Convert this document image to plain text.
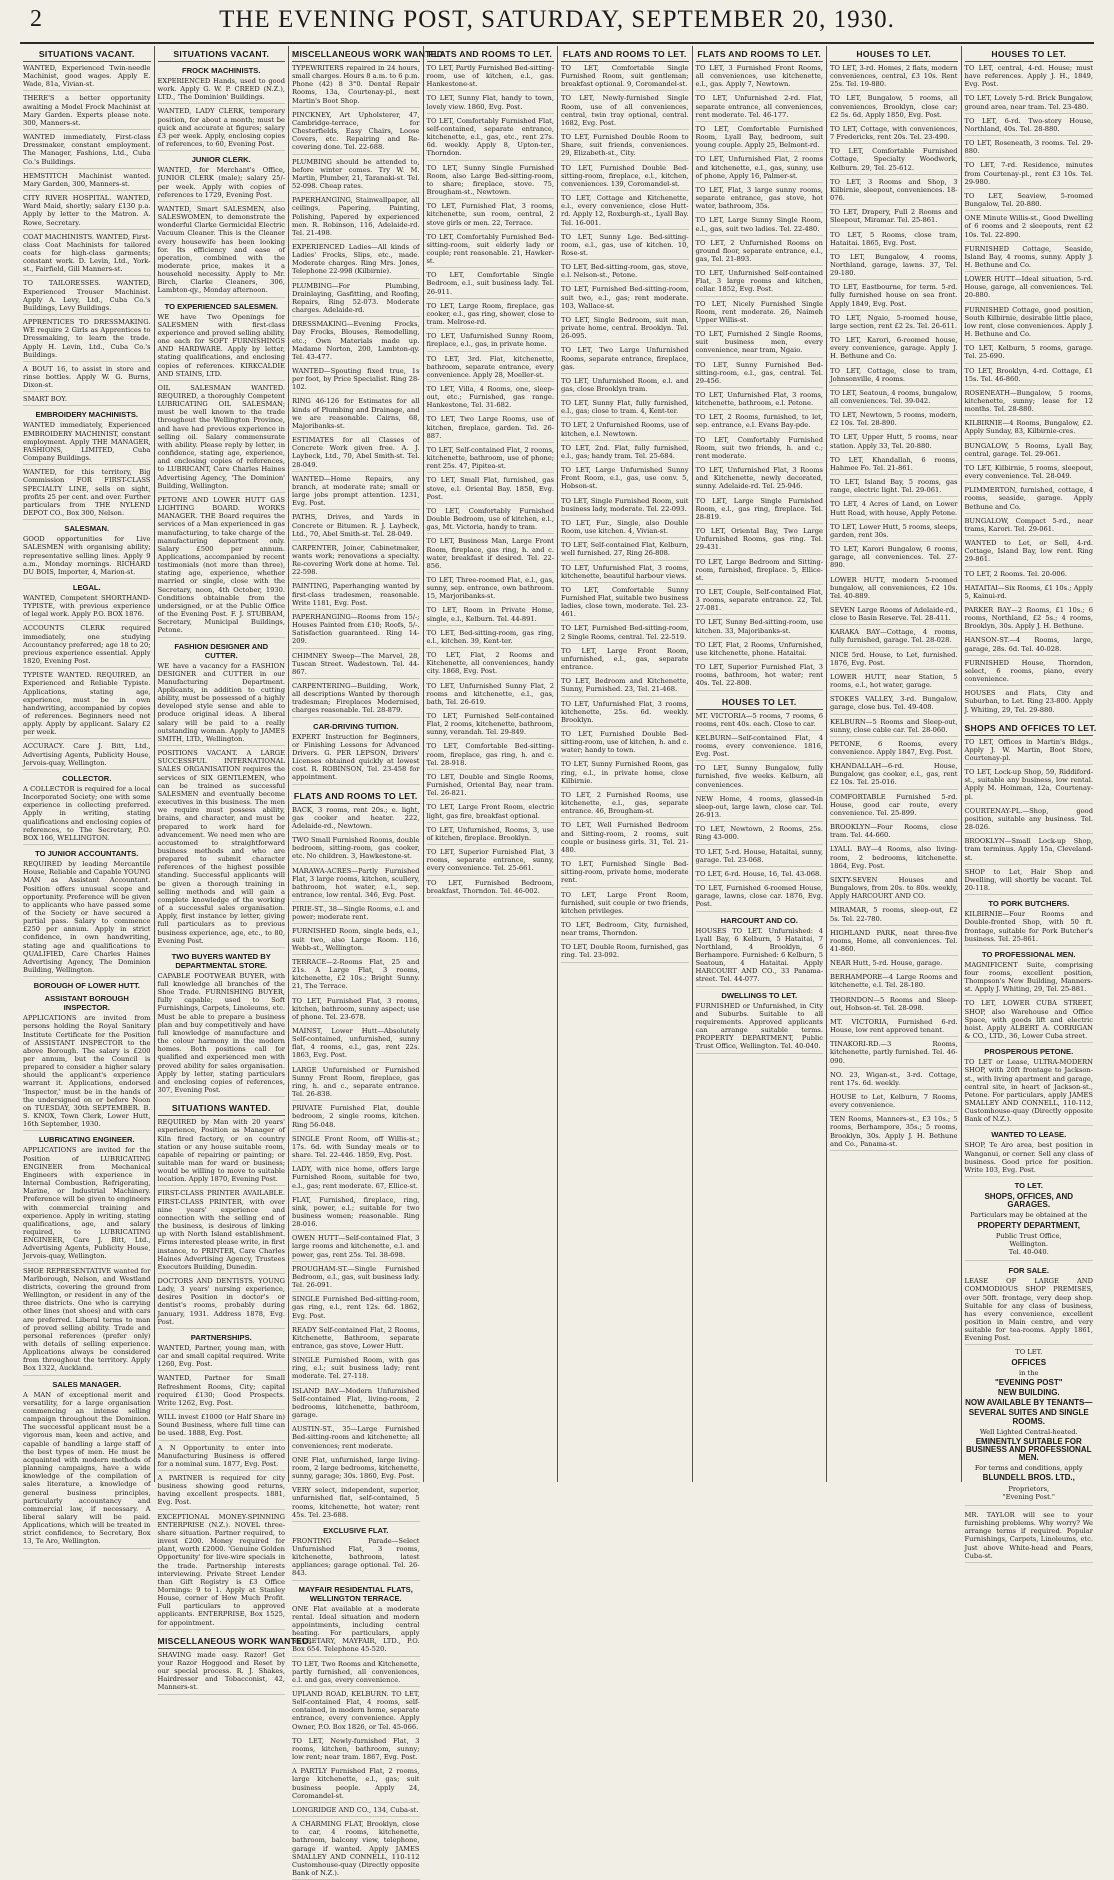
2	THE EVENING POST, SATURDAY, SEPTEMBER 20, 1930.
SITUATIONS VACANT.
WANTED, Experienced Twin-needle Machinist, good wages. Apply E. Wade, 81a, Vivian-st.
THERE'S a better opportunity awaiting a Model Frock Machinist at Mary Garden. Experts please note. 300, Manners-st.
WANTED immediately, First-class Dressmaker, constant employment. The Manager, Fashions, Ltd., Cuba Co.'s Buildings.
HEMSTITCH Machinist wanted. Mary Garden, 300, Manners-st.
CITY RIVER HOSPITAL. WANTED, Ward Maid, shortly; salary £130 p.a. Apply by letter to the Matron. A. Rowe, Secretary.
COAT MACHINISTS. WANTED, First-class Coat Machinists for tailored coats for high-class garments; constant work. D. Levin, Ltd., York-st., Fairfield, Gill Manners-st.
TO TAILORESSES. WANTED, Experienced Trouser Machinist. Apply A. Levy, Ltd., Cuba Co.'s Buildings, Levy Buildings.
APPRENTICES TO DRESSMAKING. WE require 2 Girls as Apprentices to Dressmaking, to learn the trade. Apply H. Levin, Ltd., Cuba Co.'s Buildings.
A BOUT 16, to assist in store and rinse bottles. Apply W. G. Burns, Dixon-st.
SMART BOY.
EMBROIDERY MACHINISTS.
WANTED immediately, Experienced EMBROIDERY MACHINIST, constant employment. Apply THE MANAGER, FASHIONS, LIMITED, Cuba Company Buildings.
WANTED, for this territory, Big Commission FOR FIRST-CLASS SPECIALTY LINE, sells on sight, profits 25 per cent. and over. Further particulars from THE NYLEND DEPOT CO., Box 300, Nelson.
SALESMAN.
GOOD opportunities for Live SALESMEN with organising ability; representative selling lines. Apply 9 a.m., Monday mornings. RICHARD DU BOIS, Importer, 4, Marion-st.
LEGAL.
WANTED, Competent SHORTHAND-TYPISTE, with previous experience of legal work. Apply P.O. BOX 1876.
ACCOUNTS CLERK required immediately, one studying Accountancy preferred; age 18 to 20; previous experience essential. Apply 1820, Evening Post.
TYPISTE WANTED. REQUIRED, an Experienced and Reliable Typiste. Applications, stating age, experience, must be in own handwriting, accompanied by copies of references. Beginners need not apply. Apply by applicant. Salary £2 per week.
ACCURACY. Care J. Bitt, Ltd., Advertising Agents, Publicity House, Jervois-quay, Wellington.
COLLECTOR.
A COLLECTOR is required for a local Incorporated Society; one with some experience in collecting preferred. Apply in writing, stating qualifications and enclosing copies of references, to The Secretary, P.O. BOX 166, WELLINGTON.
TO JUNIOR ACCOUNTANTS.
REQUIRED by leading Mercantile House, Reliable and Capable YOUNG MAN as Assistant Accountant. Position offers unusual scope and opportunity. Preference will be given to applicants who have passed some of the Society or have secured a partial pass. Salary to commence £250 per annum. Apply in strict confidence, in own handwriting, stating age and qualifications to QUALIFIED, Care Charles Haines Advertising Agency, The Dominion Building, Wellington.
BOROUGH OF LOWER HUTT.
ASSISTANT BOROUGH INSPECTOR.
APPLICATIONS are invited from persons holding the Royal Sanitary Institute Certificate for the Position of ASSISTANT INSPECTOR to the above Borough. The salary is £200 per annum, but the Council is prepared to consider a higher salary should the applicant's experience warrant it. Applications, endorsed 'Inspector,' must be in the hands of the undersigned on or before Noon on TUESDAY, 30th SEPTEMBER. B. S. KNOX, Town Clerk, Lower Hutt, 16th September, 1930.
LUBRICATING ENGINEER.
APPLICATIONS are invited for the Position of LUBRICATING ENGINEER from Mechanical Engineers with experience in Internal Combustion, Refrigerating, Marine, or Industrial Machinery. Preference will be given to engineers with commercial training and experience. Apply in writing, stating qualifications, age, and salary required, to LUBRICATING ENGINEER, Care J. Bitt, Ltd., Advertising Agents, Publicity House, Jervois-quay, Wellington.
SHOE REPRESENTATIVE wanted for Marlborough, Nelson, and Westland districts, covering the ground from Wellington, or resident in any of the three districts. One who is carrying other lines (not shoes) and with cars are preferred. Liberal terms to man of proved selling ability. Trade and personal references (prefer only) with details of selling experience. Applications always be considered from throughout the territory. Apply Box 1322, Auckland.
SALES MANAGER.
A MAN of exceptional merit and versatility, for a large organisation commencing an intense selling campaign throughout the Dominion. The successful applicant must be a vigorous man, keen and active, and capable of handling a large staff of the best types of men. He must be acquainted with modern methods of planning campaigns, have a wide knowledge of the compilation of sales literature, a knowledge of general business principles, particularly accountancy and commercial law, if necessary. A liberal salary will be paid. Applications, which will be treated in strict confidence, to Secretary, Box 13, Te Aro, Wellington.
SITUATIONS VACANT.
FROCK MACHINISTS.
EXPERIENCED Hands, used to good work. Apply G. W. P. CREED (N.Z.), LTD., 'The Dominion' Buildings.
WANTED, LADY CLERK, temporary position, for about a month; must be quick and accurate at figures; salary £3 per week. Apply, enclosing copies of references, to 60, Evening Post.
JUNIOR CLERK.
WANTED, for Merchant's Office, JUNIOR CLERK (male); salary 25/- per week. Apply with copies of references to 1729, Evening Post.
WANTED, Smart SALESMEN, also SALESWOMEN, to demonstrate the wonderful Clarke Germicidal Electric Vacuum Cleaner. This is the Cleaner every housewife has been looking for. Its efficiency and ease of operation, combined with the moderate price, makes it a household necessity. Apply to Mr. Birch, Clarke Cleaners, 306, Lambton-qy., Monday afternoon.
TO EXPERIENCED SALESMEN.
WE have Two Openings for SALESMEN with first-class experience and proved selling ability, one each for SOFT FURNISHINGS AND HARDWARE. Apply by letter, stating qualifications, and enclosing copies of references. KIRKCALDIE AND STAINS, LTD.
OIL SALESMAN WANTED. REQUIRED, a thoroughly Competent LUBRICATING OIL SALESMAN; must be well known to the trade throughout the Wellington Province, and have had previous experience in selling oil. Salary commensurate with ability. Please reply by letter, in confidence, stating age, experience, and enclosing copies of references, to LUBRICANT, Care Charles Haines Advertising Agency, 'The Dominion' Building, Wellington.
PETONE AND LOWER HUTT GAS LIGHTING BOARD. WORKS MANAGER. THE Board requires the services of a Man experienced in gas manufacturing, to take charge of the manufacturing department only. Salary £500 per annum. Applications, accompanied by recent testimonials (not more than three), stating age, experience, whether married or single, close with the Secretary, noon, 4th October, 1930. Conditions obtainable from the undersigned, or at the Public Office of the Evening Post. F. J. STUBBAM, Secretary, Municipal Buildings, Petone.
FASHION DESIGNER AND CUTTER.
WE have a vacancy for a FASHION DESIGNER and CUTTER in our Manufacturing Department. Applicants, in addition to cutting ability, must be possessed of a highly developed style sense and able to produce original ideas. A liberal salary will be paid to a really outstanding woman. Apply to JAMES SMITH, LTD., Wellington.
POSITIONS VACANT. A LARGE SUCCESSFUL INTERNATIONAL SALES ORGANISATION requires the services of SIX GENTLEMEN, who can be trained as successful SALESMEN and eventually become executives in this business. The men we require must possess ability, brains, and character, and must be prepared to work hard for advancement. We need men who are accustomed to straightforward business methods and who are prepared to submit character references of the highest possible standing. Successful applicants will be given a thorough training in selling methods and will gain a complete knowledge of the working of a successful sales organisation. Apply, first instance by letter, giving full particulars as to previous business experience, age, etc., to 80, Evening Post.
TWO BUYERS WANTED BY DEPARTMENTAL STORE.
CAPABLE FOOTWEAR BUYER, with full knowledge all branches of the Shoe Trade. FURNISHING BUYER, fully capable; used to Soft Furnishings, Carpets, Linoleums, etc. Must be able to prepare a business plan and buy competitively and have full knowledge of manufacture and the colour harmony in the modern homes. Both positions call for qualified and experienced men with proved ability for sales organisation. Apply by letter, stating particulars and enclosing copies of references, 307, Evening Post.
SITUATIONS WANTED.
REQUIRED by Man with 20 years' experience, Position as Manager of Kiln fired factory, or on country station or any house suitable room, capable of repairing or painting; or suitable man for ward or business; would be willing to move to suitable location. Apply 1870, Evening Post.
FIRST-CLASS PRINTER AVAILABLE. FIRST-CLASS PRINTER, with over nine years' experience and connection with the selling end of the business, is desirous of linking up with North Island establishment. Firms interested please write, in first instance, to PRINTER, Care Charles Haines Advertising Agency, Trustees Executors Building, Dunedin.
DOCTORS AND DENTISTS. YOUNG Lady, 3 years' nursing experience, desires Position in doctor's or dentist's rooms, probably during January, 1931. Address 1878, Evg. Post.
PARTNERSHIPS.
WANTED, Partner, young man, with car and small capital required. Write 1260, Evg. Post.
WANTED, Partner for Small Refreshment Rooms, City; capital required £130; Good Prospects. Write 1262, Evg. Post.
WILL invest £1000 (or Half Share in) Sound Business, where full time can be used. 1888, Evg. Post.
A N Opportunity to enter into Manufacturing Business is offered for a nominal sum. 1877, Evg. Post.
A PARTNER is required for city business showing good returns, having excellent prospects. 1881, Evg. Post.
EXCEPTIONAL MONEY-SPINNING ENTERPRISE (N.Z.). NOVEL three-share situation. Partner required, to invest £200. Money required for plant, worth £2000. 'Genuine Golden Opportunity' for live-wire specials in the trade. Partnership interests interviewing. Private Street Lender than Gift Registry is £3 Office Mornings: 9 to 1. Apply at Stanley House, corner of How Much Profit. Full particulars to approved applicants. ENTERPRISE, Box 1525, for appointment.
MISCELLANEOUS WORK WANTED.
SHAVING made easy. Razor! Get your Razor Hoggood and Reset by our special process. R. J. Shakes, Hairdresser and Tobacconist, 42, Manners-st.
MISCELLANEOUS WORK WANTED.
TYPEWRITERS repaired in 24 hours, small charges. Hours 8 a.m. to 6 p.m. Phone (42) 8 3°0. Dental Repair Rooms, 13a, Courtenay-pl., next Martin's Boot Shop.
PINCKNEY, Art Upholsterer, 47, Cambridge-terrace, for Chesterfields, Easy Chairs, Loose Covers, etc. Repairing and Re-covering done. Tel. 22-688.
PLUMBING should be attended to, before winter comes. Try W. M. Martin, Plumber, 21, Taranaki-st. Tel. 52-098. Cheap rates.
PAPERHANGING, Stainwallpaper, all ceilings, Papering, Painting, Polishing, Papered by experienced men. R. Robinson, 116, Adelaide-rd. Tel. 21-498.
EXPERIENCED Ladies—All kinds of Ladies' Frocks, Slips, etc., made. Moderate charges. Ring Mrs. Jones, Telephone 22-998 (Kilbirnie).
PLUMBING—For Plumbing, Drainlaying, Gasfitting, and Roofing, Repairs, Ring 52-073. Moderate charges. Adelaide-rd.
DRESSMAKING—Evening Frocks, Day Frocks, Blouses, Remodelling, etc.; Own Materials made up. Madame Norton, 200, Lambton-qy. Tel. 43-477.
WANTED—Spouting fixed true, 1s per foot, by Price Specialist. Ring 28-102.
RING 46-126 for Estimates for all kinds of Plumbing and Drainage, and we are reasonable. Cairns, 68, Majoribanks-st.
ESTIMATES for all Classes of Concrete Work given free. A. J. Laybeck, Ltd., 70, Abel Smith-st. Tel. 28-049.
WANTED—Home Repairs, any branch, at moderate rate; small or large jobs prompt attention. 1231, Evg. Post.
PATHS, Drives, and Yards in Concrete or Bitumen. R. J. Laybeck, Ltd., 70, Abel Smith-st. Tel. 28-049.
CARPENTER, Joiner, Cabinetmaker, wants work; renovations a specialty. Re-covering Work done at home. Tel. 22-598.
PAINTING, Paperhanging wanted by first-class tradesmen, reasonable. Write 1181, Evg. Post.
PAPERHANGING—Rooms from 15/-; Houses Painted from £10; Roofs, 5/-. Satisfaction guaranteed. Ring 14-209.
CHIMNEY Sweep—The Marvel, 28, Tuscan Street. Wadestown. Tel. 44-867.
CARPENTERING—Building, Work, all descriptions Wanted by thorough tradesman; Fireplaces Modernised, charges reasonable. Tel. 28-879.
CAR-DRIVING TUITION.
EXPERT Instruction for Beginners, or Finishing Lessons for Advanced Drivers. G. PER LEPSON, Drivers' Licenses obtained quickly at lowest cost. R. ROBINSON, Tel. 23-458 for appointment.
FLATS AND ROOMS TO LET.
BACK, 3 rooms, rent 20s.; e. light, gas cooker and heater. 222, Adelaide-rd., Newtown.
TWO Small Furnished Rooms, double bedroom, sitting-room, gas cooker, etc. No children. 3, Hawkestone-st.
MARAWA-ACRES—Partly Furnished Flat, 3 large rooms, kitchen, scullery, bathroom, hot water, e.l., sep. entrance, low rental. 346, Evg. Post.
PIRIE-ST., 38—Single Rooms, e.l. and power; moderate rent.
FURNISHED Room, single beds, e.l., suit two, also Large Room. 116, Webb-st., Wellington.
TERRACE—2-Rooms Flat, 25 and 21s. A Large Flat, 3 rooms, kitchenette, £2 10s.; Bright Sunny. 21, The Terrace.
TO LET, Furnished Flat, 3 rooms, kitchen, bathroom, sunny aspect; use of phone. Tel. 23-678.
MAINST, Lower Hutt—Absolutely Self-contained, unfurnished, sunny flat, 4 rooms, e.l., gas, rent 22s. 1863, Evg. Post.
LARGE Unfurnished or Furnished Sunny Front Room, fireplace, gas ring, h. and c., separate entrance. Tel. 26-838.
PRIVATE Furnished Flat, double bedroom, 2 single rooms, kitchen. Ring 56-048.
SINGLE Front Room, off Willis-st.; 17s. 6d. with Sunday meals or to share. Tel. 22-446. 1859, Evg. Post.
LADY, with nice home, offers large Furnished Room, suitable for two, e.l., gas; rent moderate. 67, Ellice-st.
FLAT, Furnished, fireplace, ring, sink, power, e.l.; suitable for two business women; reasonable. Ring 28-016.
OWEN HUTT—Self-contained Flat, 3 large rooms and kitchenette, e.l. and power, gas, rent 25s. Tel. 38-698.
PROUGHAM-ST.—Single Furnished Bedroom, e.l., gas, suit business lady. Tel. 26-091.
SINGLE Furnished Bed-sitting-room, gas ring, e.l., rent 12s. 6d. 1862, Evg. Post.
READY Self-contained Flat, 2 Rooms, Kitchenette, Bathroom, separate entrance, gas stove, Lower Hutt.
SINGLE Furnished Room, with gas ring, e.l.; suit business lady; rent moderate. Tel. 27-118.
ISLAND BAY—Modern Unfurnished Self-contained Flat, living-room, 2 bedrooms, kitchenette, bathroom, garage.
AUSTIN-ST., 35—Large Furnished Bed-sitting-room and kitchenette; all conveniences; rent moderate.
ONE Flat, unfurnished, large living-room, 2 large bedrooms, kitchenette, sunny, garage; 30s. 1860, Evg. Post.
VERY select, independent, superior, unfurnished flat, self-contained, 5 rooms, kitchenette, hot water; rent 45s. Tel. 23-688.
EXCLUSIVE FLAT.
FRONTING Parade—Select Unfurnished Flat, 3 rooms, kitchenette, bathroom, latest appliances; garage optional. Tel. 26-843.
MAYFAIR RESIDENTIAL FLATS, WELLINGTON TERRACE.
ONE Flat available at a moderate rental. Ideal situation and modern appointments, including central heating. For particulars, apply SECRETARY, MAYFAIR, LTD., P.O. Box 654. Telephone 45-520.
TO LET, Two Rooms and Kitchenette, partly furnished, all conveniences, e.l. and gas, every convenience.
UPLAND ROAD, KELBURN. TO LET, Self-contained Flat, 4 rooms, self-contained, in modern home, separate entrance, every convenience. Apply Owner, P.O. Box 1826, or Tel. 45-066.
TO LET, Newly-furnished Flat, 3 rooms, kitchen, bathroom, sunny; low rent; near tram. 1867, Evg. Post.
A PARTLY Furnished Flat, 2 rooms, large kitchenette, e.l., gas; suit business people. Apply 24, Coromandel-st.
LONGRIDGE AND CO., 134, Cuba-st.
A CHARMING FLAT, Brooklyn, close to car, 4 rooms, kitchenette, bathroom, balcony view, telephone, garage if wanted. Apply JAMES SMALLEY AND CONNELL, 110-112 Customhouse-quay (Directly opposite Bank of N.Z.).
FLATS AND ROOMS TO LET.
TO LET, Partly Furnished Bed-sitting-room, use of kitchen, e.l., gas. Hankestone-st.
TO LET, Sunny Flat, handy to town, lovely view. 1860, Evg. Post.
TO LET, Comfortably Furnished Flat, self-contained, separate entrance, kitchenette, e.l., gas, etc., rent 27s. 6d. weekly. Apply 8, Upton-ter., Thorndon.
TO LET, Sunny Single Furnished Room, also Large Bed-sitting-room, to share; fireplace, stove. 75, Brougham-st., Newtown.
TO LET, Furnished Flat, 3 rooms, kitchenette, sun room, central, 2 stove girls or men. 22, Terrace.
TO LET, Comfortably Furnished Bed-sitting-room, suit elderly lady or couple; rent reasonable. 21, Hawker-st.
TO LET, Comfortable Single Bedroom, e.l., suit business lady. Tel. 26-911.
TO LET, Large Room, fireplace, gas cooker, e.l., gas ring, shower, close to tram. Melrose-rd.
TO LET, Unfurnished Sunny Room, fireplace, e.l., gas, in private home.
TO LET, 3rd. Flat, kitchenette, bathroom, separate entrance, every convenience. Apply 28, Moeller-st.
TO LET, Villa, 4 Rooms, one, sleep-out, etc.; Furnished, gas range. Hankestone, Tel. 31-682.
TO LET, Two Large Rooms, use of kitchen, fireplace, garden. Tel. 26-887.
TO LET, Self-contained Flat, 2 rooms, kitchenette, bathroom, use of phone; rent 25s. 47, Pipitea-st.
TO LET, Small Flat, furnished, gas stove, e.l. Oriental Bay. 1858, Evg. Post.
TO LET, Comfortably Furnished Double Bedroom, use of kitchen, e.l., gas, Mt. Victoria, handy to tram.
TO LET, Business Man, Large Front Room, fireplace, gas ring, h. and c. water, breakfast if desired. Tel. 22-856.
TO LET, Three-roomed Flat, e.l., gas, sunny, sep. entrance, own bathroom. 15, Marjoribanks-st.
TO LET, Room in Private Home, single, e.l., Kelburn. Tel. 44-891.
TO LET, Bed-sitting-room, gas ring, e.l., kitchen. 39, Kent-ter.
TO LET, Flat, 2 Rooms and Kitchenette, all conveniences, handy city. 1868, Evg. Post.
TO LET, Unfurnished Sunny Flat, 2 rooms and kitchenette, e.l., gas, bath, Tel. 26-619.
TO LET, Furnished Self-contained Flat, 2 rooms, kitchenette, bathroom, sunny, verandah. Tel. 29-849.
TO LET, Comfortable Bed-sitting-room, fireplace, gas ring, h. and c. Tel. 28-918.
TO LET, Double and Single Rooms, Furnished, Oriental Bay, near tram. Tel. 26-821.
TO LET, Large Front Room, electric light, gas fire, breakfast optional.
TO LET, Unfurnished, Rooms, 3, use of kitchen, fireplace. Brooklyn.
TO LET, Superior Furnished Flat, 3 rooms, separate entrance, sunny, every convenience. Tel. 25-661.
TO LET, Furnished Bedroom, breakfast, Thorndon. Tel. 46-002.
FLATS AND ROOMS TO LET.
TO LET, Comfortable Single Furnished Room, suit gentleman; breakfast optional. 9, Coromandel-st.
TO LET, Newly-furnished Single Room, use of all conveniences, central, twin tray optional, central. 1682, Evg. Post.
TO LET, Furnished Double Room to Share, suit friends, conveniences. 29, Elizabeth-st., City.
TO LET, Furnished Double Bed-sitting-room, fireplace, e.l., kitchen, conveniences. 139, Coromandel-st.
TO LET, Cottage and Kitchenette, e.l., every convenience, close Hutt-rd. Apply 12, Roxburgh-st., Lyall Bay. Tel. 16-001.
TO LET, Sunny Lge. Bed-sitting-room, e.l., gas, use of kitchen. 10, Rose-st.
TO LET, Bed-sitting-room, gas, stove, e.l. Nelson-st., Petone.
TO LET, Furnished Bed-sitting-room, suit two, e.l., gas; rent moderate. 103, Wallace-st.
TO LET, Single Bedroom, suit man, private home, central. Brooklyn. Tel. 26-095.
TO LET, Two Large Unfurnished Rooms, separate entrance, fireplace, gas.
TO LET, Unfurnished Room, e.l. and gas, close Brooklyn tram.
TO LET, Sunny Flat, fully furnished, e.l., gas; close to tram. 4, Kent-ter.
TO LET, 2 Unfurnished Rooms, use of kitchen, e.l. Newtown.
TO LET, 2nd. Flat, fully furnished, e.l., gas; handy tram. Tel. 25-684.
TO LET, Large Unfurnished Sunny Front Room, e.l., gas, use conv. 5, Hobson-st.
TO LET, Single Furnished Room, suit business lady, moderate. Tel. 22-093.
TO LET, Fur., Single, also Double Room, use kitchen. 4, Vivian-st.
TO LET, Self-contained Flat, Kelburn, well furnished. 27, Ring 26-808.
TO LET, Unfurnished Flat, 3 rooms, kitchenette, beautiful harbour views.
TO LET, Comfortable Sunny Furnished Flat, suitable two business ladies, close town, moderate. Tel. 23-461.
TO LET, Furnished Bed-sitting-room, 2 Single Rooms, central. Tel. 22-519.
TO LET, Large Front Room, unfurnished, e.l., gas, separate entrance.
TO LET, Bedroom and Kitchenette, Sunny, Furnished. 23, Tel. 21-468.
TO LET, Unfurnished Flat, 3 rooms, kitchenette, 25s. 6d. weekly. Brooklyn.
TO LET, Furnished Double Bed-sitting-room, use of kitchen, h. and c. water; handy to town.
TO LET, Sunny Furnished Room, gas ring, e.l., in private home, close Kilbirnie.
TO LET, 2 Furnished Rooms, use kitchenette, e.l., gas, separate entrance. 46, Brougham-st.
TO LET, Well Furnished Bedroom and Sitting-room, 2 rooms, suit couple or business girls. 31, Tel. 21-480.
TO LET, Furnished Single Bed-sitting-room, private home, moderate rent.
TO LET, Large Front Room, furnished, suit couple or two friends, kitchen privileges.
TO LET, Bedroom, City, furnished, near trams, Thorndon.
TO LET, Double Room, furnished, gas ring. Tel. 23-092.
FLATS AND ROOMS TO LET.
TO LET, 3 Furnished Front Rooms, all conveniences, use kitchenette, e.l., gas. Apply 7, Newtown.
TO LET, Unfurnished 2-rd. Flat, separate entrance, all conveniences, rent moderate. Tel. 46-177.
TO LET, Comfortable Furnished Room, Lyall Bay, bedroom, suit young couple. Apply 25, Belmont-rd.
TO LET, Unfurnished Flat, 2 rooms and kitchenette, e.l., gas, sunny, use of phone, Apply 16, Palmer-st.
TO LET, Flat, 3 large sunny rooms, separate entrance, gas stove, hot water, bathroom, 35s.
TO LET, Large Sunny Single Room, e.l., gas, suit two ladies. Tel. 22-480.
TO LET, 2 Unfurnished Rooms on ground floor, separate entrance, e.l., gas, Tel. 21-893.
TO LET, Unfurnished Self-contained Flat, 3 large rooms and kitchen, cellar. 1852, Evg. Post.
TO LET, Nicely Furnished Single Room, rent moderate. 26, Naimeh Upper Willis-st.
TO LET, Furnished 2 Single Rooms, suit business men, every convenience, near tram, Ngaio.
TO LET, Sunny Furnished Bed-sitting-room, e.l., gas, central. Tel. 29-456.
TO LET, Unfurnished Flat, 3 rooms, kitchenette, bathroom, e.l. Petone.
TO LET, 2 Rooms, furnished, to let, sep. entrance, e.l. Evans Bay-pde.
TO LET, Comfortably Furnished Room, suit two friends, h. and c.; rent moderate.
TO LET, Unfurnished Flat, 3 Rooms and Kitchenette, newly decorated, sunny. Adelaide-rd. Tel. 25-946.
TO LET, Large Single Furnished Room, e.l., gas ring, fireplace. Tel. 28-819.
TO LET, Oriental Bay, Two Large Unfurnished Rooms, gas ring. Tel. 29-431.
TO LET, Large Bedroom and Sitting-room, furnished, fireplace. 5, Ellice-st.
TO LET, Couple, Self-contained Flat, 3 rooms, separate entrance. 22, Tel. 27-081.
TO LET, Sunny Bed-sitting-room, use kitchen. 33, Majoribanks-st.
TO LET, Flat, 2 Rooms, Unfurnished, use kitchenette, phone. Hataitai.
TO LET, Superior Furnished Flat, 3 rooms, bathroom, hot water; rent 40s. Tel. 22-808.
HOUSES TO LET.
MT. VICTORIA—5 rooms, 7 rooms, 6 rooms, rent 40s. each. Close to car.
KELBURN—Self-contained Flat, 4 rooms, every convenience. 1816, Evg. Post.
TO LET, Sunny Bungalow, fully furnished, five weeks. Kelburn, all conveniences.
NEW Home, 4 rooms, glassed-in sleep-out, large lawn, close car. Tel. 26-913.
TO LET, Newtown, 2 Rooms, 25s. Ring 43-000.
TO LET, 5-rd. House, Hataitai, sunny, garage. Tel. 23-068.
TO LET, 6-rd. House, 16, Tel. 43-068.
TO LET, Furnished 6-roomed House, garage, lawns, close car. 1876, Evg. Post.
HARCOURT AND CO.
HOUSES TO LET. Unfurnished: 4 Lyall Bay, 6 Kelburn, 5 Hataitai, 7 Northland, 4 Brooklyn, 6 Berhampore. Furnished: 6 Kelburn, 5 Seatoun, 4 Hataitai. Apply HARCOURT AND CO., 33 Panama-street. Tel. 44-077.
DWELLINGS TO LET.
FURNISHED or Unfurnished, in City and Suburbs. Suitable to all requirements. Approved applicants can arrange suitable terms. PROPERTY DEPARTMENT, Public Trust Office, Wellington. Tel. 40-040.
HOUSES TO LET.
TO LET, 3-rd. Homes, 2 flats, modern conveniences, central, £3 10s. Rent 25s. Tel. 19-880.
TO LET, Bungalow, 5 rooms, all conveniences, Brooklyn, close car; £2 5s. 6d. Apply 1850, Evg. Post.
TO LET, Cottage, with conveniences, 7 Fredericks, rent 20s. Tel. 23-490.
TO LET, Comfortable Furnished Cottage, Specialty Woodwork, Kelburn. 29, Tel. 25-612.
TO LET, 3 Rooms and Shop, 3 Kilbirnie, sleepout, conveniences. 18-076.
TO LET, Drapery, Full 2 Rooms and Sleepout, Miramar. Tel. 25-861.
TO LET, 5 Rooms, close tram, Hataitai. 1865, Evg. Post.
TO LET, Bungalow, 4 rooms, Northland, garage, lawns. 37, Tel. 29-180.
TO LET, Eastbourne, for term. 5-rd. fully furnished house on sea front. Apply 1849, Evg. Post.
TO LET, Ngaio, 5-roomed house, large section, rent £2 2s. Tel. 26-611.
TO LET, Karori, 6-roomed house, every convenience, garage. Apply J. H. Bethune and Co.
TO LET, Cottage, close to tram, Johnsonville, 4 rooms.
TO LET, Seatoun, 4 rooms, bungalow, all conveniences. Tel. 39-042.
TO LET, Newtown, 5 rooms, modern, £2 10s. Tel. 28-890.
TO LET, Upper Hutt, 5 rooms, near station. Apply 33, Tel. 20-880.
TO LET, Khandallah, 6 rooms, Hahmee Fo. Tel. 21-861.
TO LET, Island Bay, 5 rooms, gas range, electric light. Tel. 29-061.
TO LET, 4 Acres of Land, on Lower Hutt Road, with house, Apply Petone.
TO LET, Lower Hutt, 5 rooms, sleeps, garden, rent 30s.
TO LET, Karori Bungalow, 6 rooms, garage, all conveniences. Tel. 27-890.
LOWER HUTT, modern 5-roomed bungalow, all conveniences, £2 10s. Tel. 40-889.
SEVEN Large Rooms of Adelaide-rd., close to Basin Reserve. Tel. 28-411.
KARAKA BAY—Cottage, 4 rooms, fully furnished, garage. Tel. 28-028.
NICE 5rd. House, to Let, furnished. 1876, Evg. Post.
LOWER HUTT, near Station, 5 rooms, e.l., hot water, garage.
STOKES VALLEY, 3-rd. Bungalow, garage, close bus. Tel. 49-408.
KELBURN—5 Rooms and Sleep-out, sunny, close cable car. Tel. 28-060.
PETONE, 6 Rooms, every convenience. Apply 1847, Evg. Post.
KHANDALLAH—6-rd. House, Bungalow, gas cooker, e.l., gas, rent £2 10s. Tel. 25-016.
COMFORTABLE Furnished 5-rd. House, good car route, every convenience. Tel. 25-899.
BROOKLYN—Four Rooms, close tram. Tel. 44-660.
LYALL BAY—4 Rooms, also living-room, 2 bedrooms, kitchenette. 1864, Evg. Post.
SIXTY-SEVEN Houses and Bungalows, from 20s. to 80s. weekly, Apply HARCOURT AND CO.
MIRAMAR, 5 rooms, sleep-out, £2 5s. Tel. 22-780.
HIGHLAND PARK, neat three-five rooms, Home, all conveniences. Tel. 41-860.
NEAR Hutt, 5-rd. House, garage.
BERHAMPORE—4 Large Rooms and kitchenette, e.l. Tel. 28-180.
THORNDON—5 Rooms and Sleep-out, Hobson-st. Tel. 28-098.
MT. VICTORIA, Furnished 6-rd. House, low rent approved tenant.
TINAKORI-RD.—3 Rooms, kitchenette, partly furnished. Tel. 46-090.
NO. 23, Wigan-st., 3-rd. Cottage, rent 17s. 6d. weekly.
HOUSE to Let, Kelburn, 7 Rooms, every convenience.
TEN Rooms, Manners-st., £3 10s.; 5 rooms, Berhampore, 35s.; 5 rooms, Brooklyn, 30s. Apply J. H. Bethune and Co., Panama-st.
HOUSES TO LET.
TO LET, central, 4-rd. House; must have references. Apply J. H., 1849, Evg. Post.
TO LET, Lovely 5-rd. Brick Bungalow, ground area, near tram. Tel. 23-480.
TO LET, 6-rd. Two-story House, Northland, 40s. Tel. 28-880.
TO LET, Roseneath, 3 rooms. Tel. 29-880.
TO LET, 7-rd. Residence, minutes from Courtenay-pl., rent £3 10s. Tel. 29-980.
TO LET, Seaview, 5-roomed Bungalow, Tel. 20-880.
ONE Minute Willis-st., Good Dwelling of 6 rooms and 2 sleepouts, rent £2 10s. Tel. 22-890.
FURNISHED Cottage, Seaside, Island Bay, 4 rooms, sunny. Apply J. H. Bethune and Co.
LOWER HUTT—Ideal situation, 5-rd. House, garage, all conveniences. Tel. 20-880.
FURNISHED Cottage, good position, South Kilbirnie, desirable little place, low rent, close conveniences. Apply J. H. Bethune and Co.
TO LET, Kelburn, 5 rooms, garage. Tel. 25-690.
TO LET, Brooklyn, 4-rd. Cottage, £1 15s. Tel. 46-860.
ROSENEATH—Bungalow, 5 rooms, kitchenette, sunny; lease for 12 months. Tel. 28-880.
KILBIRNIE—4 Rooms, Bungalow, £2. Apply Sunday, 83, Kilbirnie-cres.
BUNGALOW, 5 Rooms, Lyall Bay, central, garage. Tel. 29-061.
TO LET, Kilbirnie, 5 rooms, sleepout, every convenience. Tel. 28-049.
PLIMMERTON, furnished, cottage, 4 rooms, seaside, garage. Apply Bethune and Co.
BUNGALOW, Compact 5-rd., near trams, Karori. Tel. 29-061.
WANTED to Let, or Sell, 4-rd. Cottage, Island Bay, low rent. Ring 29-861.
TO LET, 2 Rooms. Tel. 20-006.
HATAITAI—Six Rooms, £1 10s.; Apply 5, Kainui-rd.
PARKER BAY—2 Rooms, £1 10s.; 6 rooms, Northland, £2 5s.; 4 rooms, Brooklyn, 30s. Apply J. H. Bethune.
HANSON-ST.—4 Rooms, large, garage, 28s. 6d. Tel. 40-028.
FURNISHED House, Thorndon, select, 6 rooms, piano, every convenience.
HOUSES and Flats, City and Suburban, to Let. Ring 23-800. Apply J. Whiting, 29, Tel. 29-880.
SHOPS AND OFFICES TO LET.
TO LET, Offices in Martin's Bldgs., Apply J. W. Martin, Boot Store, Courtenay-pl.
TO LET, Lock-up Shop, 59, Riddiford-st., suitable any business, low rental. Apply M. Hoinman, 12a, Courtenay-pl.
COURTENAY-PL.—Shop, good position, suitable any business. Tel. 28-026.
BROOKLYN—Small Lock-up Shop, tram terminus. Apply 15a, Cleveland-st.
SHOP to Let, Hair Shop and Dwelling, will shortly be vacant. Tel. 20-118.
TO PORK BUTCHERS.
KILBIRNIE—Four Rooms and Double-fronted Shop, with 50 ft. frontage, suitable for Pork Butcher's business. Tel. 25-861.
TO PROFESSIONAL MEN.
MAGNIFICENT Suite, comprising four rooms, excellent position, Thompson's New Building, Manners-st. Apply J. Whiting, 29, Tel. 25-881.
TO LET, LOWER CUBA STREET, SHOP, also Warehouse and Office Space, with goods lift and electric hoist. Apply ALBERT A. CORRIGAN & CO., LTD., 36, Lower Cuba street.
PROSPEROUS PETONE.
TO LET or Lease, ULTRA-MODERN SHOP, with 20ft frontage to Jackson-st., with living apartment and garage, central site, in heart of Jackson-st., Petone. For particulars, apply JAMES SMALLEY AND CONNELL, 110-112, Customhouse-quay (Directly opposite Bank of N.Z.).
WANTED TO LEASE.
SHOP, Te Aro area, best position in Wanganui, or corner. Sell any class of business. Good price for position. Write 103, Evg. Post.
TO LET.
SHOPS, OFFICES, AND GARAGES.
Particulars may be obtained at the

PROPERTY DEPARTMENT,
Public Trust Office,
Wellington.
Tel. 40-040.

FOR SALE.
LEASE OF LARGE AND COMMODIOUS SHOP PREMISES, over 50ft. frontage, very deep shop. Suitable for any class of business, has every convenience, excellent position in Main centre, and very suitable for tea-rooms. Apply 1861, Evening Post.
TO LET.

OFFICES
in the

"EVENING POST"
NEW BUILDING.
NOW AVAILABLE BY TENANTS—
SEVERAL SUITES AND SINGLE ROOMS.
Well Lighted Central-heated.

EMINENTLY SUITABLE FOR BUSINESS AND PROFESSIONAL MEN.
For terms and conditions, apply

BLUNDELL BROS. LTD.,
Proprietors,
"Evening Post."

MR. TAYLOR will see to your furnishing problems. Why worry? We arrange terms if required. Popular Furnishings, Carpets, Linoleums, etc. Just above White-head and Pears, Cuba-st.
